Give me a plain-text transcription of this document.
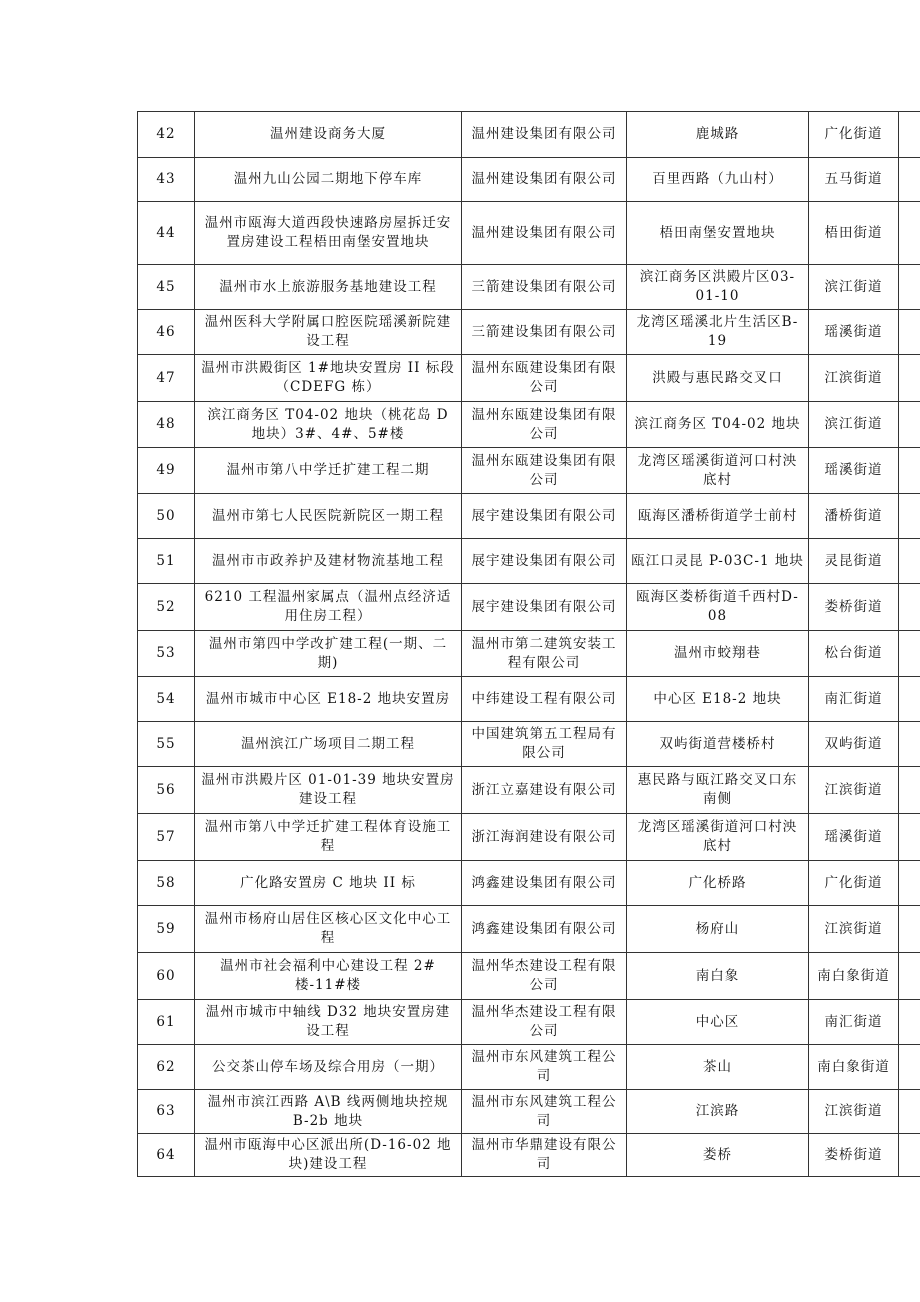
42	温州建设商务大厦	温州建设集团有限公司	鹿城路	广化街道	
43	温州九山公园二期地下停车库	温州建设集团有限公司	百里西路（九山村）	五马街道	
44	温州市瓯海大道西段快速路房屋拆迁安置房建设工程梧田南堡安置地块	温州建设集团有限公司	梧田南堡安置地块	梧田街道	
45	温州市水上旅游服务基地建设工程	三箭建设集团有限公司	滨江商务区洪殿片区03-01-10	滨江街道	
46	温州医科大学附属口腔医院瑶溪新院建设工程	三箭建设集团有限公司	龙湾区瑶溪北片生活区B-19	瑶溪街道	
47	温州市洪殿街区 1#地块安置房 II 标段（CDEFG 栋）	温州东瓯建设集团有限公司	洪殿与惠民路交叉口	江滨街道	
48	滨江商务区 T04-02 地块（桃花岛 D 地块）3#、4#、5#楼	温州东瓯建设集团有限公司	滨江商务区 T04-02 地块	滨江街道	
49	温州市第八中学迁扩建工程二期	温州东瓯建设集团有限公司	龙湾区瑶溪街道河口村泱底村	瑶溪街道	
50	温州市第七人民医院新院区一期工程	展宇建设集团有限公司	瓯海区潘桥街道学士前村	潘桥街道	
51	温州市市政养护及建材物流基地工程	展宇建设集团有限公司	瓯江口灵昆 P-03C-1 地块	灵昆街道	
52	6210 工程温州家属点（温州点经济适用住房工程）	展宇建设集团有限公司	瓯海区娄桥街道千西村D-08	娄桥街道	
53	温州市第四中学改扩建工程(一期、二期)	温州市第二建筑安装工程有限公司	温州市蛟翔巷	松台街道	
54	温州市城市中心区 E18-2 地块安置房	中纬建设工程有限公司	中心区 E18-2 地块	南汇街道	
55	温州滨江广场项目二期工程	中国建筑第五工程局有限公司	双屿街道营楼桥村	双屿街道	
56	温州市洪殿片区 01-01-39 地块安置房建设工程	浙江立嘉建设有限公司	惠民路与瓯江路交叉口东南侧	江滨街道	
57	温州市第八中学迁扩建工程体育设施工程	浙江海润建设有限公司	龙湾区瑶溪街道河口村泱底村	瑶溪街道	
58	广化路安置房 C 地块 II 标	鸿鑫建设集团有限公司	广化桥路	广化街道	
59	温州市杨府山居住区核心区文化中心工程	鸿鑫建设集团有限公司	杨府山	江滨街道	
60	温州市社会福利中心建设工程 2#楼-11#楼	温州华杰建设工程有限公司	南白象	南白象街道	
61	温州市城市中轴线 D32 地块安置房建设工程	温州华杰建设工程有限公司	中心区	南汇街道	
62	公交茶山停车场及综合用房（一期）	温州市东风建筑工程公司	茶山	南白象街道	
63	温州市滨江西路 A\B 线两侧地块控规 B-2b 地块	温州市东风建筑工程公司	江滨路	江滨街道	
64	温州市瓯海中心区派出所(D-16-02 地块)建设工程	温州市华鼎建设有限公司	娄桥	娄桥街道	
